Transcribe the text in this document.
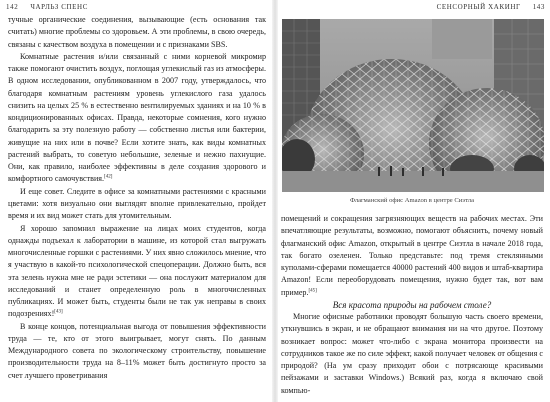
142 ЧАРЛЬЗ СПЕНС

тучные органические соединения, вызывающие (есть основания так считать) многие проблемы со здоровьем. А эти проблемы, в свою очередь, связаны с качеством воздуха в помещении и с признаками SBS.

Комнатные растения и/или связанный с ними корневой микромир также помогают очистить воздух, поглощая углекислый газ из атмосферы. В одном исследовании, опубликованном в 2007 году, утверждалось, что благодаря комнатным растениям уровень углекислого газа удалось снизить на целых 25 % в естественно вентилируемых зданиях и на 10 % в кондиционированных офисах. Правда, некоторые сомнения, кого нужно благодарить за эту полезную работу — собственно листья или бактерии, живущие на них или в почве? Если хотите знать, как виды комнатных растений выбрать, то советую небольшие, зеленые и нежно пахнущие. Они, как правило, наиболее эффективны в деле создания здорового и комфортного самочувствия.[42]

И еще совет. Следите в офисе за комнатными растениями с красными цветами: хотя визуально они выглядят вполне привлекательно, пройдет время и их вид может стать для утомительным.

Я хорошо запомнил выражение на лицах моих студентов, когда однажды подъехал к лаборатории в машине, из которой стал выгружать многочисленные горшки с растениями. У них явно сложилось мнение, что я участвую в какой-то психологической спецоперации. Должно быть, вся эта зелень нужна мне не ради эстетики — она послужит материалом для исследований и станет определенную роль в многочисленных публикациях. И может быть, студенты были не так уж неправы в своих подозрениях![43]

В конце концов, потенциальная выгода от повышения эффективности труда — те, кто от этого выигрывает, могут снять. По данным Международного совета по экологическому строительству, повышение производительности труда на 8–11% может быть достигнуто просто за счет лучшего проветривания

СЕНСОРНЫЙ ХАКИНГ 143
Флагманский офис Amazon в центре Сиэтла

помещений и сокращения загрязняющих веществ на рабочих местах. Эти впечатляющие результаты, возможно, помогают объяснить, почему новый флагманский офис Amazon, открытый в центре Сиэтла в начале 2018 года, так богато озеленен. Только представьте: под тремя стеклянными куполами-сферами помещается 40000 растений 400 видов и штаб-квартира Amazon! Если переоборудовать помещения, нужно будет так, вот вам пример.[45]

Вся красота природы на рабочем столе?

Многие офисные работники проводят большую часть своего времени, уткнувшись в экран, и не обращают внимания ни на что другое. Поэтому возникает вопрос: может что-либо с экрана монитора произвести на сотрудников такое же по силе эффект, какой получает человек от общения с природой? (На ум сразу приходит обои с потрясающе красивыми пейзажами и заставки Windows.) Всякий раз, когда я включаю свой компью-
